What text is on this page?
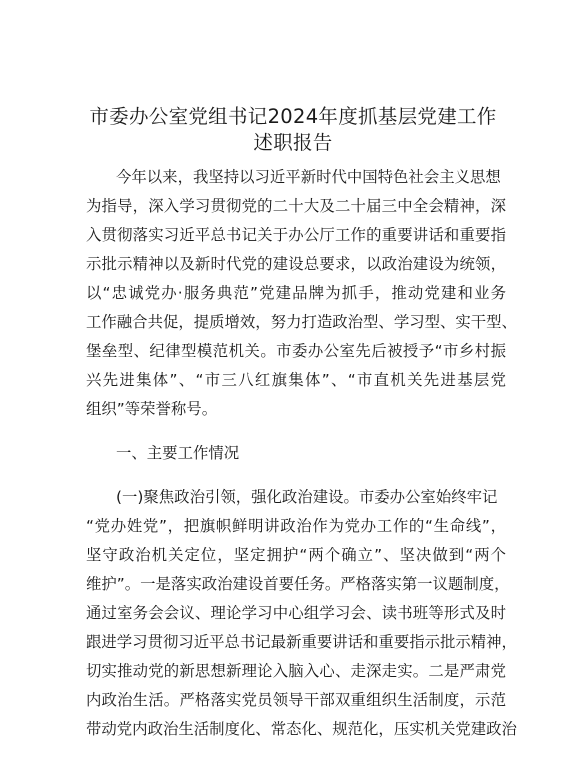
市委办公室党组书记2024年度抓基层党建工作
述职报告
今年以来，我坚持以习近平新时代中国特色社会主义思想
为指导，深入学习贯彻党的二十大及二十届三中全会精神，深
入贯彻落实习近平总书记关于办公厅工作的重要讲话和重要指
示批示精神以及新时代党的建设总要求，以政治建设为统领，
以“忠诚党办·服务典范”党建品牌为抓手，推动党建和业务
工作融合共促，提质增效，努力打造政治型、学习型、实干型、
堡垒型、纪律型模范机关。市委办公室先后被授予“市乡村振
兴先进集体”、“市三八红旗集体”、“市直机关先进基层党
组织”等荣誉称号。
一、主要工作情况
(一)聚焦政治引领，强化政治建设。市委办公室始终牢记
“党办姓党”，把旗帜鲜明讲政治作为党办工作的“生命线”，
坚守政治机关定位，坚定拥护“两个确立”、坚决做到“两个
维护”。一是落实政治建设首要任务。严格落实第一议题制度，
通过室务会会议、理论学习中心组学习会、读书班等形式及时
跟进学习贯彻习近平总书记最新重要讲话和重要指示批示精神，
切实推动党的新思想新理论入脑入心、走深走实。二是严肃党
内政治生活。严格落实党员领导干部双重组织生活制度，示范
带动党内政治生活制度化、常态化、规范化，压实机关党建政治
